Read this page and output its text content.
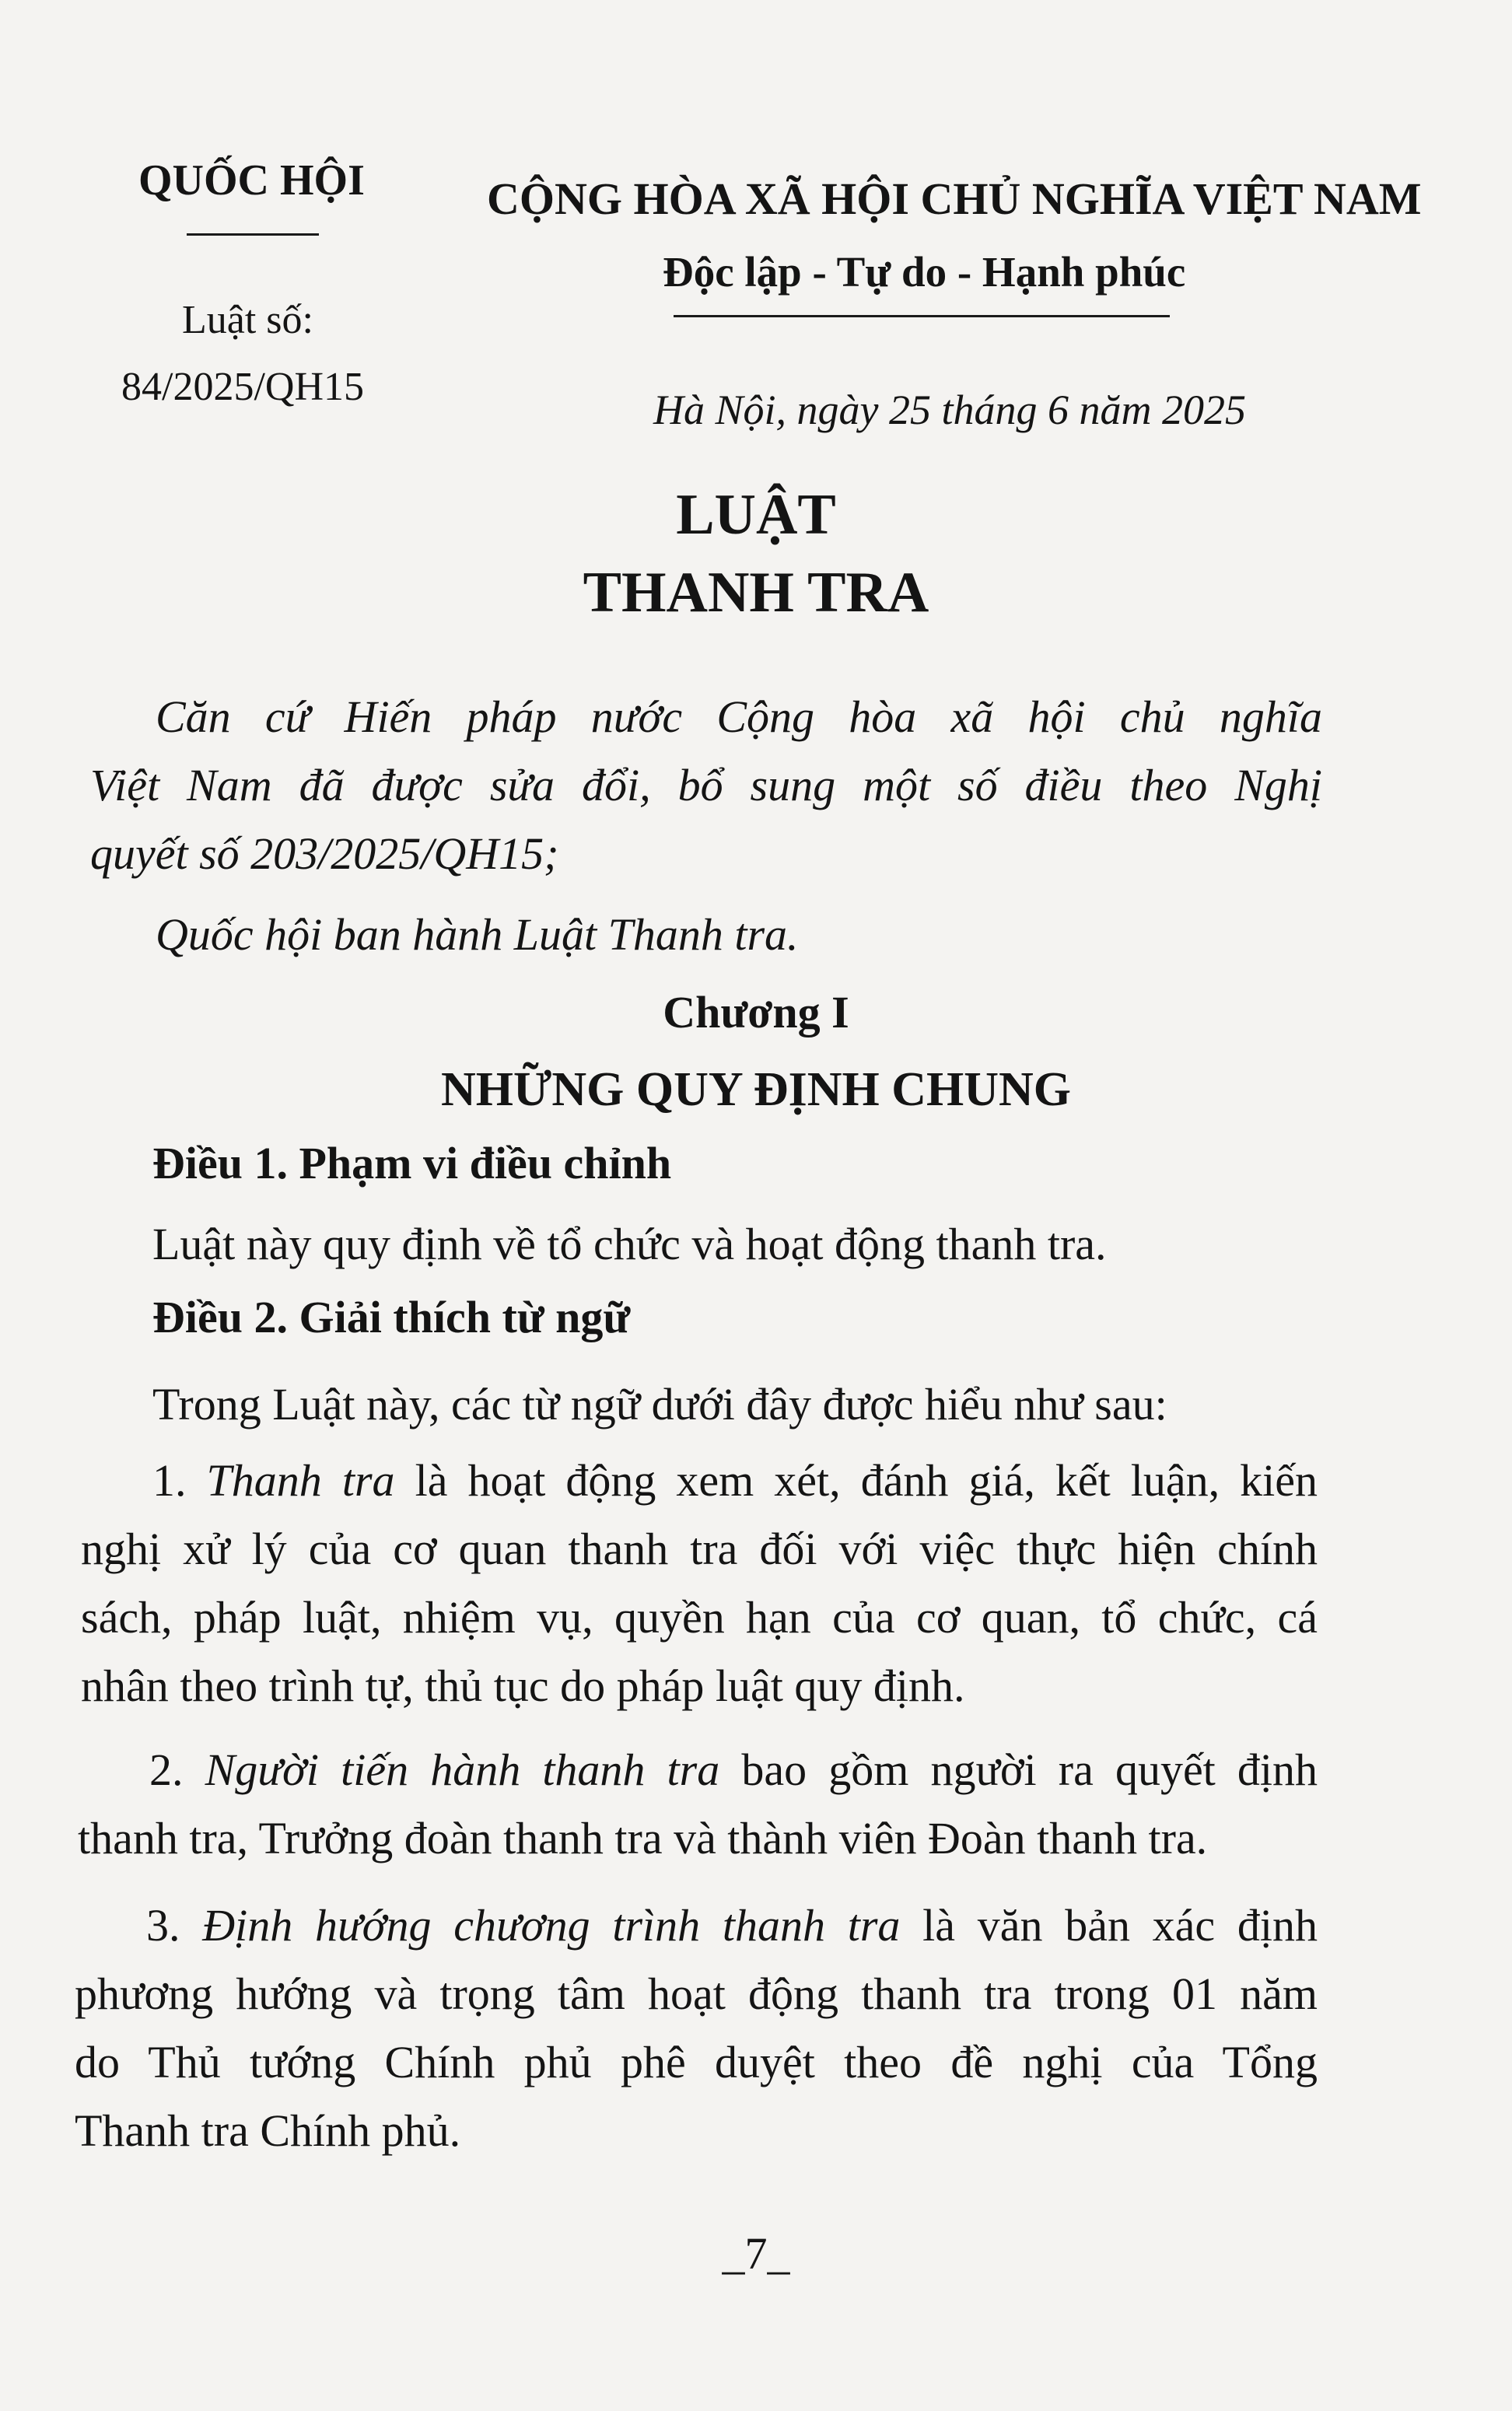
QUỐC HỘI	CỘNG HÒA XÃ HỘI CHỦ NGHĨA VIỆT NAM
Độc lập - Tự do - Hạnh phúc
Luật số:
84/2025/QH15	Hà Nội, ngày 25 tháng 6 năm 2025
LUẬT
THANH TRA
Căn cứ Hiến pháp nước Cộng hòa xã hội chủ nghĩa
Việt Nam đã được sửa đổi, bổ sung một số điều theo Nghị
quyết số 203/2025/QH15;
Quốc hội ban hành Luật Thanh tra.
Chương I
NHỮNG QUY ĐỊNH CHUNG
Điều 1. Phạm vi điều chỉnh
Luật này quy định về tổ chức và hoạt động thanh tra.
Điều 2. Giải thích từ ngữ
Trong Luật này, các từ ngữ dưới đây được hiểu như sau:
1. Thanh tra là hoạt động xem xét, đánh giá, kết luận, kiến
nghị xử lý của cơ quan thanh tra đối với việc thực hiện chính
sách, pháp luật, nhiệm vụ, quyền hạn của cơ quan, tổ chức, cá
nhân theo trình tự, thủ tục do pháp luật quy định.
2. Người tiến hành thanh tra bao gồm người ra quyết định
thanh tra, Trưởng đoàn thanh tra và thành viên Đoàn thanh tra.
3. Định hướng chương trình thanh tra là văn bản xác định
phương hướng và trọng tâm hoạt động thanh tra trong 01 năm
do Thủ tướng Chính phủ phê duyệt theo đề nghị của Tổng
Thanh tra Chính phủ.
_7_
